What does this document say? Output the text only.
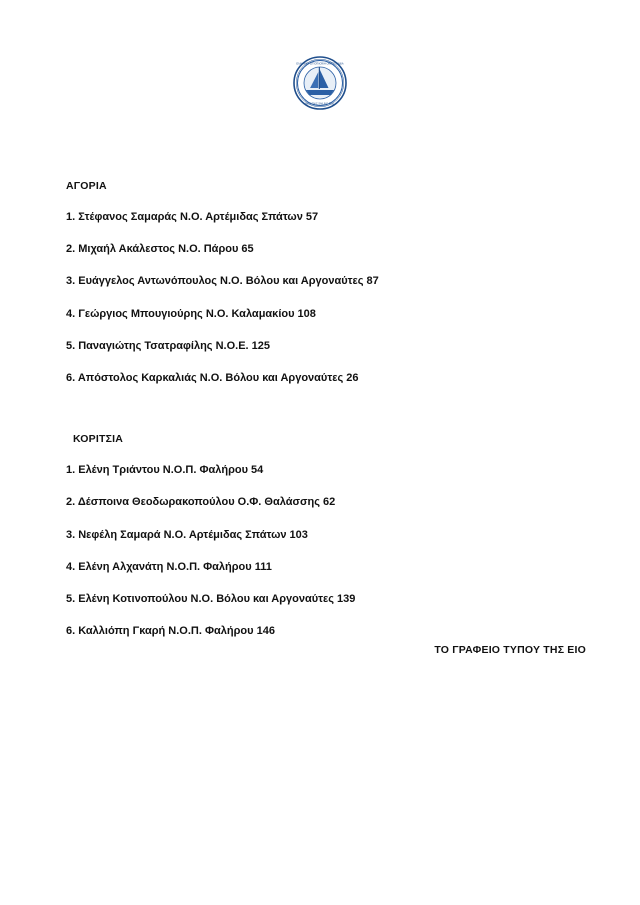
ΕΛΛΗΝΙΚΗ ΙΣΤΙΟΠΛΟΪΚΗ ΟΜΟΣΠΟΝΔΙΑ
HELLENIC SAILING FED.
ΑΓΟΡΙΑ
1. Στέφανος Σαμαράς Ν.Ο. Αρτέμιδας Σπάτων 57
2. Μιχαήλ Ακάλεστος Ν.Ο. Πάρου 65
3. Ευάγγελος Αντωνόπουλος Ν.Ο. Βόλου και Αργοναύτες 87
4. Γεώργιος Μπουγιούρης Ν.Ο. Καλαμακίου 108
5. Παναγιώτης Τσατραφίλης Ν.Ο.Ε. 125
6. Απόστολος Καρκαλιάς Ν.Ο. Βόλου και Αργοναύτες 26
ΚΟΡΙΤΣΙΑ
1. Ελένη Τριάντου Ν.Ο.Π. Φαλήρου 54
2. Δέσποινα Θεοδωρακοπούλου Ο.Φ. Θαλάσσης 62
3. Νεφέλη Σαμαρά Ν.Ο. Αρτέμιδας Σπάτων 103
4. Ελένη Αλχανάτη Ν.Ο.Π. Φαλήρου 111
5. Ελένη Κοτινοπούλου Ν.Ο. Βόλου και Αργοναύτες 139
6. Καλλιόπη Γκαρή Ν.Ο.Π. Φαλήρου 146
ΤΟ ΓΡΑΦΕΙΟ ΤΥΠΟΥ ΤΗΣ ΕΙΟ
